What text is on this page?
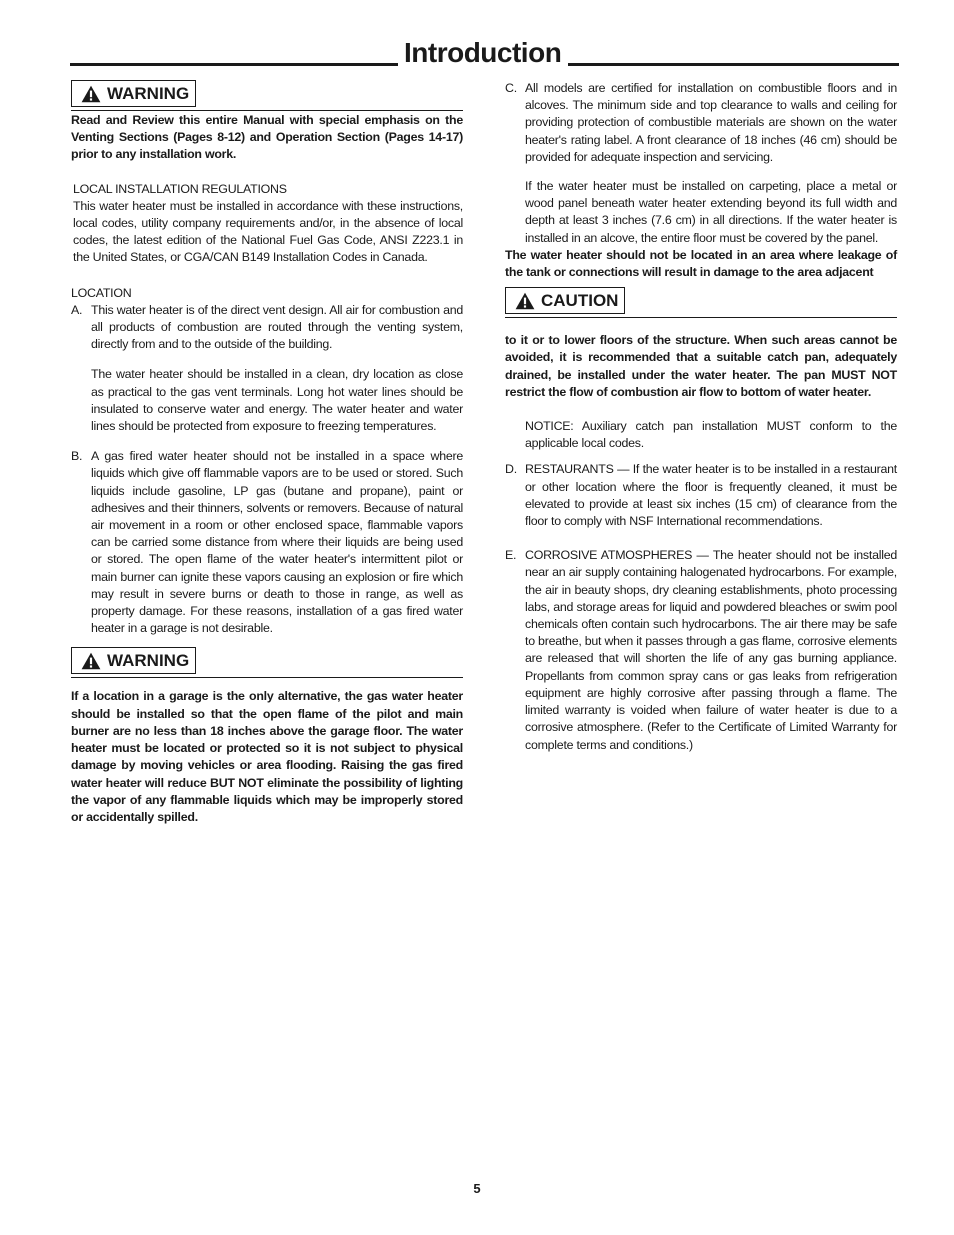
Introduction
WARNING

Read and Review this entire Manual with special emphasis on the Venting Sections (Pages 8-12) and Operation Section (Pages 14-17) prior to any installation work.

LOCAL INSTALLATION REGULATIONS

This water heater must be installed in accordance with these instructions, local codes, utility company requirements and/or, in the absence of local codes, the latest edition of the National Fuel Gas Code, ANSI Z223.1 in the United States, or CGA/CAN B149 Installation Codes in Canada.

LOCATION

A. This water heater is of the direct vent design. All air for combustion and all products of combustion are routed through the venting system, directly from and to the outside of the building.

The water heater should be installed in a clean, dry location as close as practical to the gas vent terminals. Long hot water lines should be insulated to conserve water and energy. The water heater and water lines should be protected from exposure to freezing temperatures.

B. A gas fired water heater should not be installed in a space where liquids which give off flammable vapors are to be used or stored. Such liquids include gasoline, LP gas (butane and propane), paint or adhesives and their thinners, solvents or removers. Because of natural air movement in a room or other enclosed space, flammable vapors can be carried some distance from where their liquids are being used or stored. The open flame of the water heater's intermittent pilot or main burner can ignite these vapors causing an explosion or fire which may result in severe burns or death to those in range, as well as property damage. For these reasons, installation of a gas fired water heater in a garage is not desirable.

WARNING

If a location in a garage is the only alternative, the gas water heater should be installed so that the open flame of the pilot and main burner are no less than 18 inches above the garage floor. The water heater must be located or protected so it is not subject to physical damage by moving vehicles or area flooding. Raising the gas fired water heater will reduce BUT NOT eliminate the possibility of lighting the vapor of any flammable liquids which may be improperly stored or accidentally spilled.

C. All models are certified for installation on combustible floors and in alcoves. The minimum side and top clearance to walls and ceiling for providing protection of combustible materials are shown on the water heater's rating label. A front clearance of 18 inches (46 cm) should be provided for adequate inspection and servicing.

If the water heater must be installed on carpeting, place a metal or wood panel beneath water heater extending beyond its full width and depth at least 3 inches (7.6 cm) in all directions. If the water heater is installed in an alcove, the entire floor must be covered by the panel.

The water heater should not be located in an area where leakage of the tank or connections will result in damage to the area adjacent

CAUTION

to it or to lower floors of the structure. When such areas cannot be avoided, it is recommended that a suitable catch pan, adequately drained, be installed under the water heater. The pan MUST NOT restrict the flow of combustion air flow to bottom of water heater.

NOTICE: Auxiliary catch pan installation MUST conform to the applicable local codes.

D. RESTAURANTS — If the water heater is to be installed in a restaurant or other location where the floor is frequently cleaned, it must be elevated to provide at least six inches (15 cm) of clearance from the floor to comply with NSF International recommendations.

E. CORROSIVE ATMOSPHERES — The heater should not be installed near an air supply containing halogenated hydrocarbons. For example, the air in beauty shops, dry cleaning establishments, photo processing labs, and storage areas for liquid and powdered bleaches or swim pool chemicals often contain such hydrocarbons. The air there may be safe to breathe, but when it passes through a gas flame, corrosive elements are released that will shorten the life of any gas burning appliance. Propellants from common spray cans or gas leaks from refrigeration equipment are highly corrosive after passing through a flame. The limited warranty is voided when failure of water heater is due to a corrosive atmosphere. (Refer to the Certificate of Limited Warranty for complete terms and conditions.)

5
